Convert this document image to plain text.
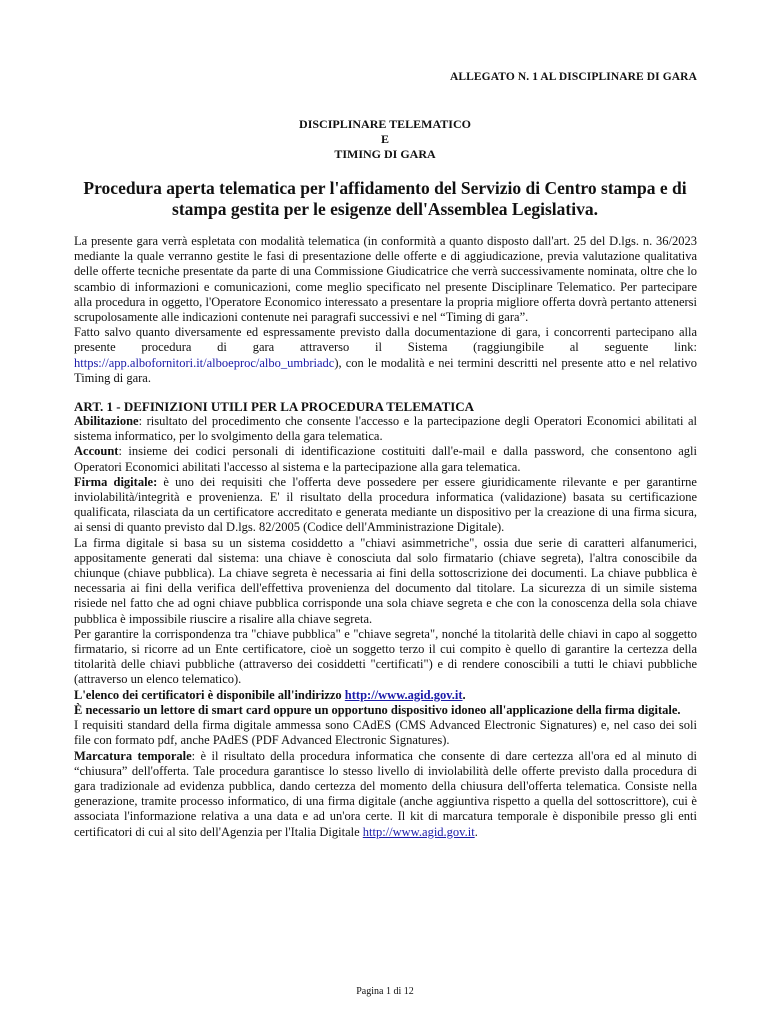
ALLEGATO N. 1 AL DISCIPLINARE DI GARA
DISCIPLINARE TELEMATICO
E
TIMING DI GARA
Procedura aperta telematica per l'affidamento del Servizio di Centro stampa e di stampa gestita per le esigenze dell'Assemblea Legislativa.

La presente gara verrà espletata con modalità telematica (in conformità a quanto disposto dall'art. 25 del D.lgs. n. 36/2023 mediante la quale verranno gestite le fasi di presentazione delle offerte e di aggiudicazione, previa valutazione qualitativa delle offerte tecniche presentate da parte di una Commissione Giudicatrice che verrà successivamente nominata, oltre che lo scambio di informazioni e comunicazioni, come meglio specificato nel presente Disciplinare Telematico. Per partecipare alla procedura in oggetto, l'Operatore Economico interessato a presentare la propria migliore offerta dovrà pertanto attenersi scrupolosamente alle indicazioni contenute nei paragrafi successivi e nel “Timing di gara”.

Fatto salvo quanto diversamente ed espressamente previsto dalla documentazione di gara, i concorrenti partecipano alla presente procedura di gara attraverso il Sistema (raggiungibile al seguente link: https://app.albofornitori.it/alboeproc/albo_umbriadc), con le modalità e nei termini descritti nel presente atto e nel relativo Timing di gara.

ART. 1 - DEFINIZIONI UTILI PER LA PROCEDURA TELEMATICA

Abilitazione: risultato del procedimento che consente l'accesso e la partecipazione degli Operatori Economici abilitati al sistema informatico, per lo svolgimento della gara telematica.

Account: insieme dei codici personali di identificazione costituiti dall'e-mail e dalla password, che consentono agli Operatori Economici abilitati l'accesso al sistema e la partecipazione alla gara telematica.

Firma digitale: è uno dei requisiti che l'offerta deve possedere per essere giuridicamente rilevante e per garantirne inviolabilità/integrità e provenienza. E' il risultato della procedura informatica (validazione) basata su certificazione qualificata, rilasciata da un certificatore accreditato e generata mediante un dispositivo per la creazione di una firma sicura, ai sensi di quanto previsto dal D.lgs. 82/2005 (Codice dell'Amministrazione Digitale).

La firma digitale si basa su un sistema cosiddetto a "chiavi asimmetriche", ossia due serie di caratteri alfanumerici, appositamente generati dal sistema: una chiave è conosciuta dal solo firmatario (chiave segreta), l'altra conoscibile da chiunque (chiave pubblica). La chiave segreta è necessaria ai fini della sottoscrizione dei documenti. La chiave pubblica è necessaria ai fini della verifica dell'effettiva provenienza del documento dal titolare. La sicurezza di un simile sistema risiede nel fatto che ad ogni chiave pubblica corrisponde una sola chiave segreta e che con la conoscenza della sola chiave pubblica è impossibile riuscire a risalire alla chiave segreta.

Per garantire la corrispondenza tra "chiave pubblica" e "chiave segreta", nonché la titolarità delle chiavi in capo al soggetto firmatario, si ricorre ad un Ente certificatore, cioè un soggetto terzo il cui compito è quello di garantire la certezza della titolarità delle chiavi pubbliche (attraverso dei cosiddetti "certificati") e di rendere conoscibili a tutti le chiavi pubbliche (attraverso un elenco telematico).

L'elenco dei certificatori è disponibile all'indirizzo http://www.agid.gov.it.

È necessario un lettore di smart card oppure un opportuno dispositivo idoneo all'applicazione della firma digitale.

I requisiti standard della firma digitale ammessa sono CAdES (CMS Advanced Electronic Signatures) e, nel caso dei soli file con formato pdf, anche PAdES (PDF Advanced Electronic Signatures).

Marcatura temporale: è il risultato della procedura informatica che consente di dare certezza all'ora ed al minuto di “chiusura” dell'offerta. Tale procedura garantisce lo stesso livello di inviolabilità delle offerte previsto dalla procedura di gara tradizionale ad evidenza pubblica, dando certezza del momento della chiusura dell'offerta telematica. Consiste nella generazione, tramite processo informatico, di una firma digitale (anche aggiuntiva rispetto a quella del sottoscrittore), cui è associata l'informazione relativa a una data e ad un'ora certe. Il kit di marcatura temporale è disponibile presso gli enti certificatori di cui al sito dell'Agenzia per l'Italia Digitale http://www.agid.gov.it.

Pagina 1 di 12
